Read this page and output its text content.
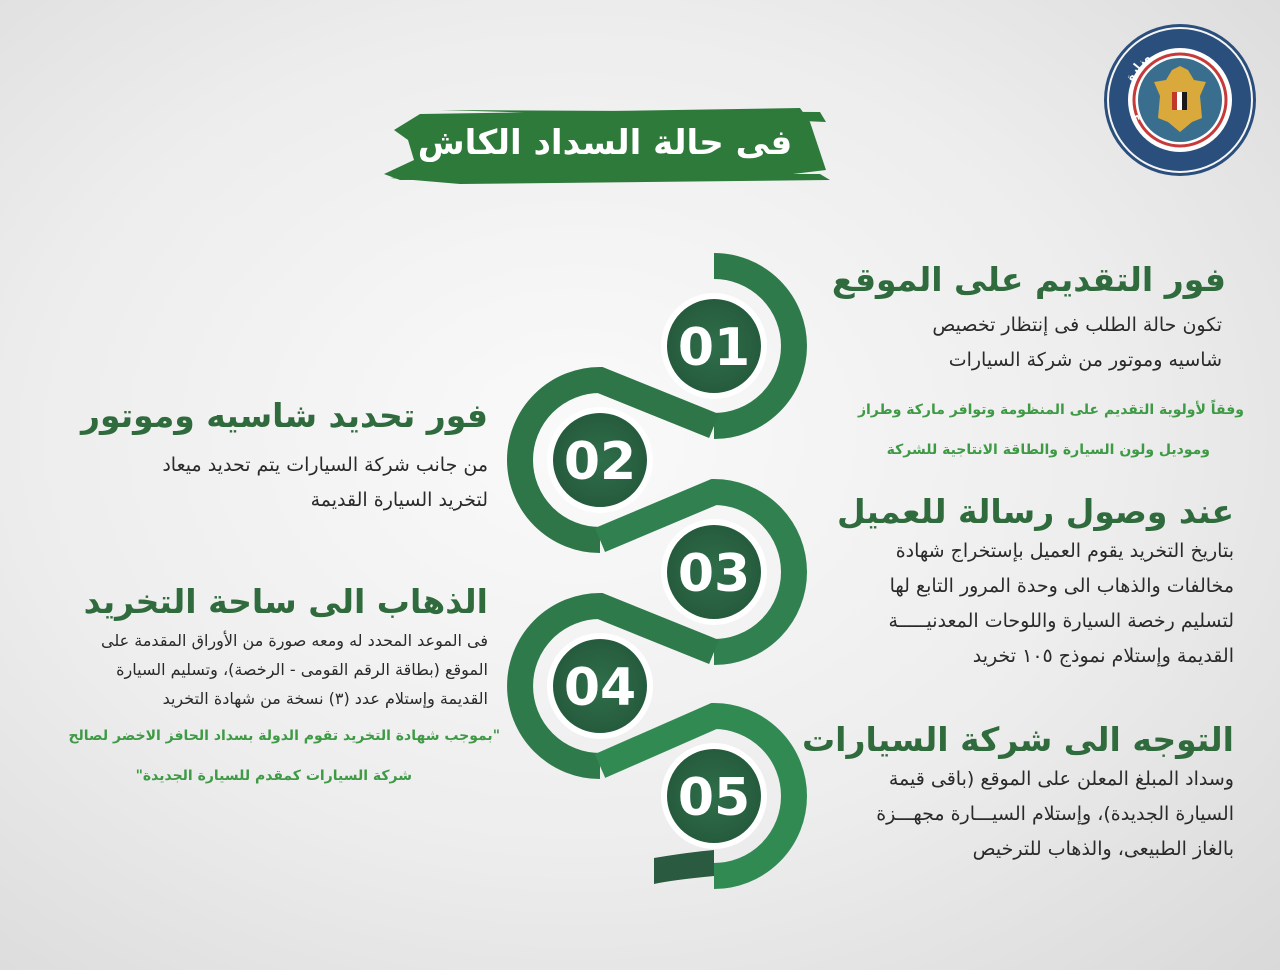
فى حالة السداد الكاش
E
وزارة
01
02
03
04
05
فور التقديم على الموقع
تكون حالة الطلب فى إنتظار تخصيص
شاسيه وموتور من شركة السيارات
وفقاً لأولوية التقديم على المنظومة وتوافر ماركة وطراز
وموديل ولون السيارة والطاقة الانتاجية للشركة
فور تحديد شاسيه وموتور
من جانب شركة السيارات يتم تحديد ميعاد
لتخريد السيارة القديمة	عند وصول رسالة للعميل
بتاريخ التخريد يقوم العميل بإستخراج شهادة
مخالفات والذهاب الى وحدة المرور التابع لها
لتسليم رخصة السيارة واللوحات المعدنيـــــة
القديمة وإستلام نموذج ١٠٥ تخريد
الذهاب الى ساحة التخريد
فى الموعد المحدد له ومعه صورة من الأوراق المقدمة على
الموقع (بطاقة الرقم القومى - الرخصة)، وتسليم السيارة
القديمة وإستلام عدد (٣) نسخة من شهادة التخريد
"بموجب شهادة التخريد تقوم الدولة بسداد الحافز الاخضر لصالح
شركة السيارات كمقدم للسيارة الجديدة"
التوجه الى شركة السيارات
وسداد المبلغ المعلن على الموقع (باقى قيمة
السيارة الجديدة)، وإستلام السيـــارة مجهـــزة
بالغاز الطبيعى، والذهاب للترخيص
